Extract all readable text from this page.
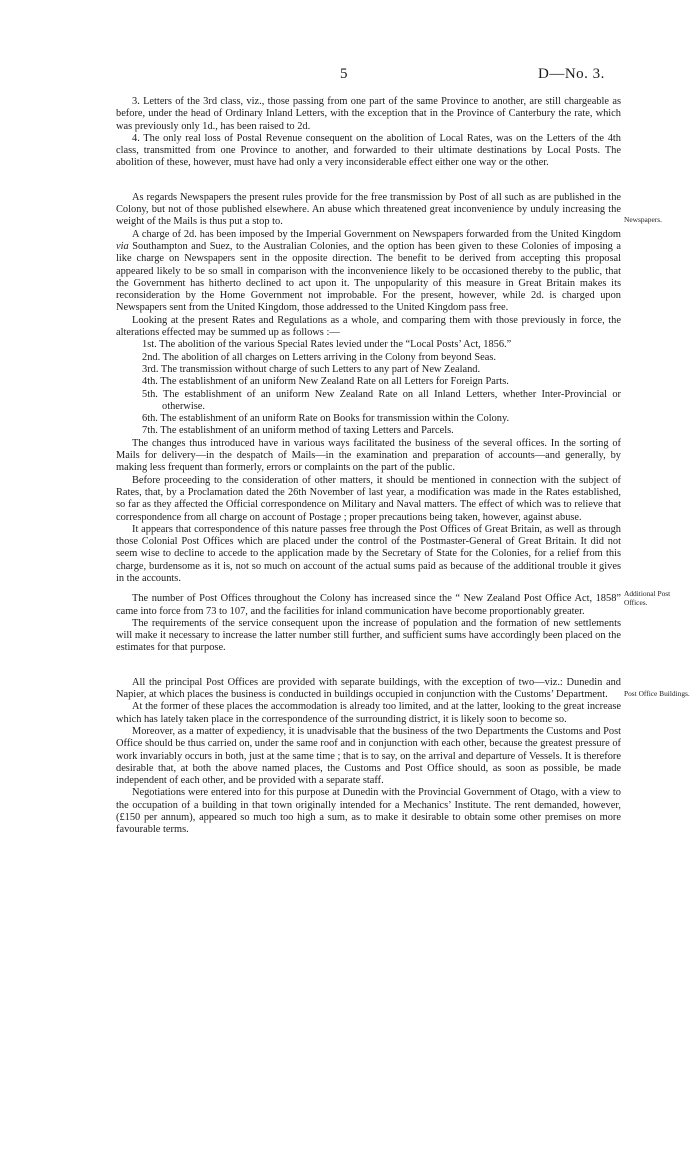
5	D—No. 3.
Newspapers.
Additional Post Offices.
Post Office Buildings.

3. Letters of the 3rd class, viz., those passing from one part of the same Province to another, are still chargeable as before, under the head of Ordinary Inland Letters, with the exception that in the Province of Canterbury the rate, which was previously only 1d., has been raised to 2d.

4. The only real loss of Postal Revenue consequent on the abolition of Local Rates, was on the Letters of the 4th class, transmitted from one Province to another, and forwarded to their ultimate destinations by Local Posts. The abolition of these, however, must have had only a very inconsiderable effect either one way or the other.

As regards Newspapers the present rules provide for the free transmission by Post of all such as are published in the Colony, but not of those published elsewhere. An abuse which threatened great inconvenience by unduly increasing the weight of the Mails is thus put a stop to.

A charge of 2d. has been imposed by the Imperial Government on Newspapers forwarded from the United Kingdom via Southampton and Suez, to the Australian Colonies, and the option has been given to these Colonies of imposing a like charge on Newspapers sent in the opposite direction. The benefit to be derived from accepting this proposal appeared likely to be so small in comparison with the inconvenience likely to be occasioned thereby to the public, that the Government has hitherto declined to act upon it. The unpopularity of this measure in Great Britain makes its reconsideration by the Home Government not improbable. For the present, however, while 2d. is charged upon Newspapers sent from the United Kingdom, those addressed to the United Kingdom pass free.

Looking at the present Rates and Regulations as a whole, and comparing them with those previously in force, the alterations effected may be summed up as follows :—

1st. The abolition of the various Special Rates levied under the “Local Posts’ Act, 1856.”

2nd. The abolition of all charges on Letters arriving in the Colony from beyond Seas.

3rd. The transmission without charge of such Letters to any part of New Zealand.

4th. The establishment of an uniform New Zealand Rate on all Letters for Foreign Parts.

5th. The establishment of an uniform New Zealand Rate on all Inland Letters, whether Inter-Provincial or otherwise.

6th. The establishment of an uniform Rate on Books for transmission within the Colony.

7th. The establishment of an uniform method of taxing Letters and Parcels.

The changes thus introduced have in various ways facilitated the business of the several offices. In the sorting of Mails for delivery—in the despatch of Mails—in the examination and preparation of accounts—and generally, by making less frequent than formerly, errors or complaints on the part of the public.

Before proceeding to the consideration of other matters, it should be mentioned in connection with the subject of Rates, that, by a Proclamation dated the 26th November of last year, a modification was made in the Rates established, so far as they affected the Official correspondence on Military and Naval matters. The effect of which was to relieve that correspondence from all charge on account of Postage ; proper precautions being taken, however, against abuse.

It appears that correspondence of this nature passes free through the Post Offices of Great Britain, as well as through those Colonial Post Offices which are placed under the control of the Postmaster-General of Great Britain. It did not seem wise to decline to accede to the application made by the Secretary of State for the Colonies, for a relief from this charge, burdensome as it is, not so much on account of the actual sums paid as because of the additional trouble it gives in the accounts.

The number of Post Offices throughout the Colony has increased since the “ New Zealand Post Office Act, 1858” came into force from 73 to 107, and the facilities for inland communication have become proportionably greater.

The requirements of the service consequent upon the increase of population and the formation of new settlements will make it necessary to increase the latter number still further, and sufficient sums have accordingly been placed on the estimates for that purpose.

All the principal Post Offices are provided with separate buildings, with the exception of two—viz.: Dunedin and Napier, at which places the business is conducted in buildings occupied in conjunction with the Customs’ Department.

At the former of these places the accommodation is already too limited, and at the latter, looking to the great increase which has lately taken place in the correspondence of the surrounding district, it is likely soon to become so.

Moreover, as a matter of expediency, it is unadvisable that the business of the two Departments the Customs and Post Office should be thus carried on, under the same roof and in conjunction with each other, because the greatest pressure of work invariably occurs in both, just at the same time ; that is to say, on the arrival and departure of Vessels. It is therefore desirable that, at both the above named places, the Customs and Post Office should, as soon as possible, be made independent of each other, and be provided with a separate staff.

Negotiations were entered into for this purpose at Dunedin with the Provincial Government of Otago, with a view to the occupation of a building in that town originally intended for a Mechanics’ Institute. The rent demanded, however, (£150 per annum), appeared so much too high a sum, as to make it desirable to obtain some other premises on more favourable terms.
